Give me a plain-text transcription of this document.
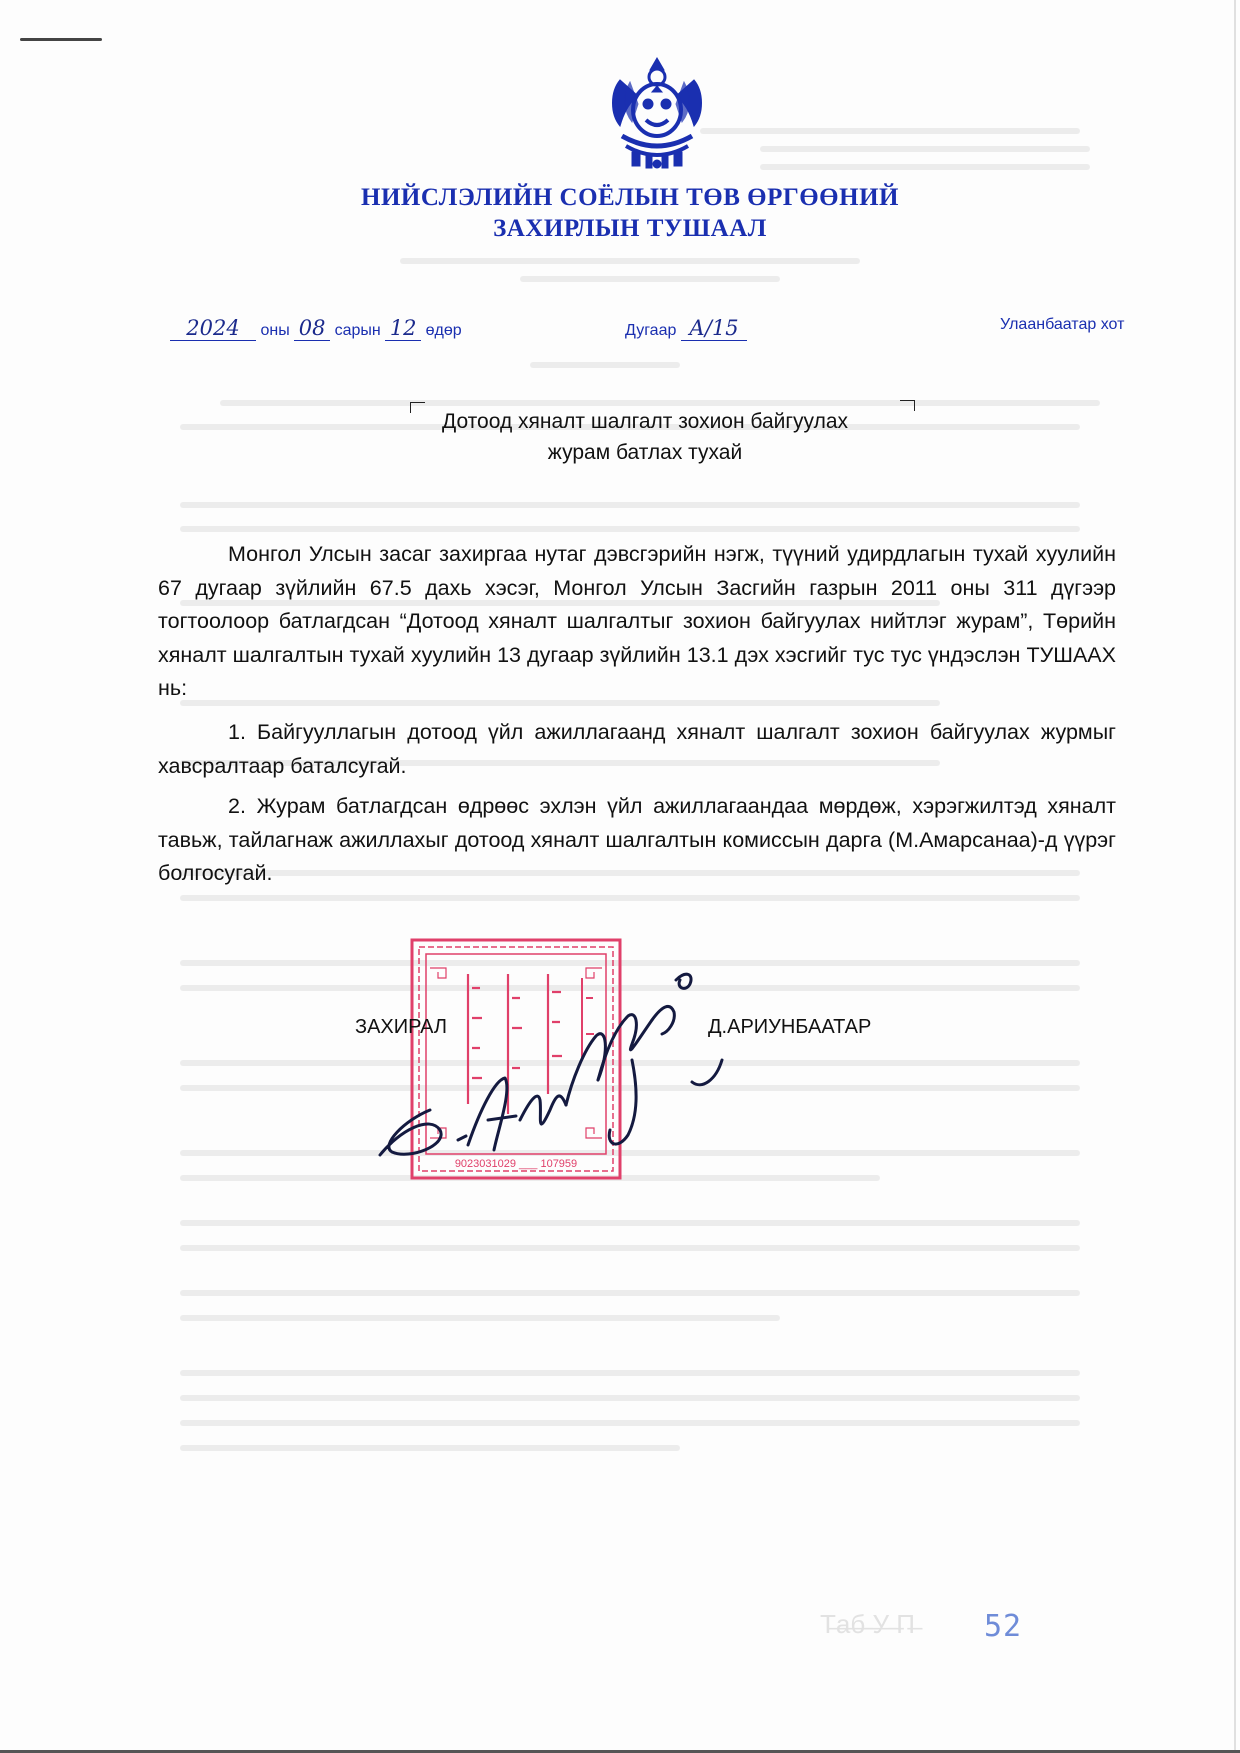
НИЙСЛЭЛИЙН СОЁЛЫН ТӨВ ӨРГӨӨНИЙ
ЗАХИРЛЫН ТУШААЛ
2024 оны 08 сарын 12 өдөр	Дугаар А/15	Улаанбаатар хот
Дотоод хяналт шалгалт зохион байгуулах
журам батлах тухай
Монгол Улсын засаг захиргаа нутаг дэвсгэрийн нэгж, түүний удирдлагын тухай хуулийн 67 дугаар зүйлийн 67.5 дахь хэсэг, Монгол Улсын Засгийн газрын 2011 оны 311 дүгээр тогтоолоор батлагдсан “Дотоод хяналт шалгалтыг зохион байгуулах нийтлэг журам”, Төрийн хяналт шалгалтын тухай хуулийн 13 дугаар зүйлийн 13.1 дэх хэсгийг тус тус үндэслэн ТУШААХ нь:
1. Байгууллагын дотоод үйл ажиллагаанд хяналт шалгалт зохион байгуулах журмыг хавсралтаар баталсугай.
2. Журам батлагдсан өдрөөс эхлэн үйл ажиллагаандаа мөрдөж, хэрэгжилтэд хяналт тавьж, тайлагнаж ажиллахыг дотоод хяналт шалгалтын комиссын дарга (М.Амарсанаа)-д үүрэг болгосугай.
9023031029 ___ 107959
ЗАХИРАЛ	Д.АРИУНБААТАР
Т̶а̶б̶ ̶У̶ ̶П̶ 52
